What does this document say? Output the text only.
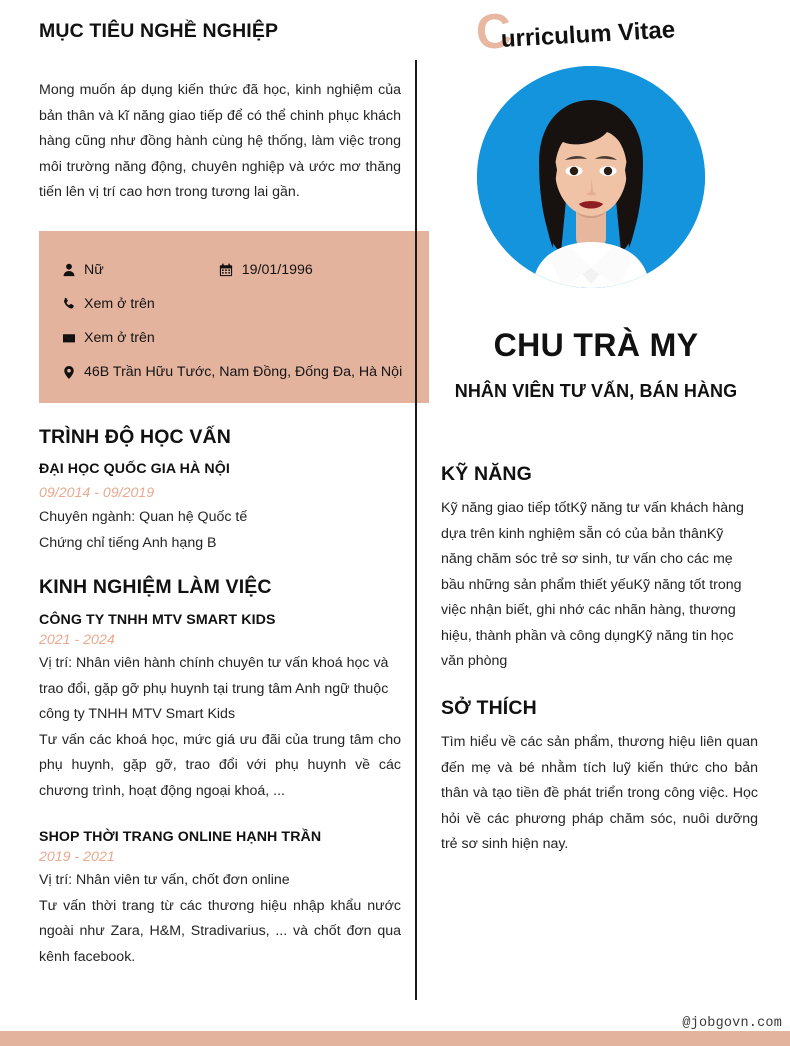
MỤC TIÊU NGHỀ NGHIỆP

Mong muốn áp dụng kiến thức đã học, kinh nghiệm của bản thân và kĩ năng giao tiếp để có thể chinh phục khách hàng cũng như đồng hành cùng hệ thống, làm việc trong môi trường năng động, chuyên nghiệp và ước mơ thăng tiến lên vị trí cao hơn trong tương lai gần.

Nữ	19/01/1996
Xem ở trên
Xem ở trên
46B Trần Hữu Tước, Nam Đồng, Đống Đa, Hà Nội
TRÌNH ĐỘ HỌC VẤN
ĐẠI HỌC QUỐC GIA HÀ NỘI
09/2014 - 09/2019
Chuyên ngành: Quan hệ Quốc tế
Chứng chỉ tiếng Anh hạng B
KINH NGHIỆM LÀM VIỆC
CÔNG TY TNHH MTV SMART KIDS
2021 - 2024

Vị trí: Nhân viên hành chính chuyên tư vấn khoá học và trao đổi, gặp gỡ phụ huynh tại trung tâm Anh ngữ thuộc công ty TNHH MTV Smart Kids

Tư vấn các khoá học, mức giá ưu đãi của trung tâm cho phụ huynh, gặp gỡ, trao đổi với phụ huynh về các chương trình, hoạt động ngoại khoá, ...

SHOP THỜI TRANG ONLINE HẠNH TRẦN
2019 - 2021

Vị trí: Nhân viên tư vấn, chốt đơn online

Tư vấn thời trang từ các thương hiệu nhập khẩu nước ngoài như Zara, H&M, Stradivarius, ... và chốt đơn qua kênh facebook.

C
urriculum Vitae
CHU TRÀ MY
NHÂN VIÊN TƯ VẤN, BÁN HÀNG
KỸ NĂNG

Kỹ năng giao tiếp tốtKỹ năng tư vấn khách hàng dựa trên kinh nghiệm sẵn có của bản thânKỹ năng chăm sóc trẻ sơ sinh, tư vấn cho các mẹ bầu những sản phẩm thiết yếuKỹ năng tốt trong việc nhận biết, ghi nhớ các nhãn hàng, thương hiệu, thành phần và công dụngKỹ năng tin học văn phòng

SỞ THÍCH

Tìm hiểu về các sản phẩm, thương hiệu liên quan đến mẹ và bé nhằm tích luỹ kiến thức cho bản thân và tạo tiền đề phát triển trong công việc. Học hỏi về các phương pháp chăm sóc, nuôi dưỡng trẻ sơ sinh hiện nay.

@jobgovn.com
